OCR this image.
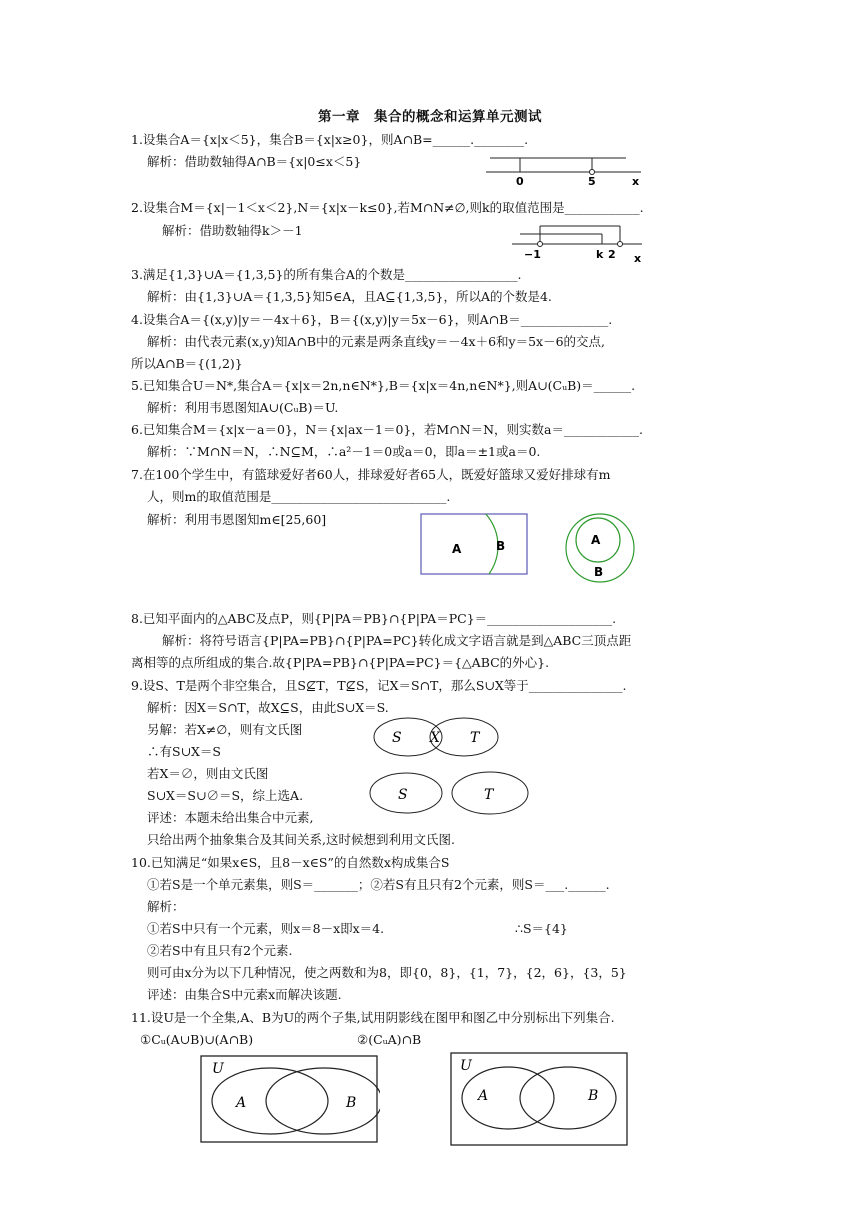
第一章　集合的概念和运算单元测试
1.设集合A＝{x|x＜5}，集合B＝{x|x≥0}，则A∩B=______.________.
解析：借助数轴得A∩B＝{x|0≤x＜5}
0	5	x
2.设集合M＝{x|－1＜x＜2},N＝{x|x－k≤0},若M∩N≠∅,则k的取值范围是____________.
解析：借助数轴得k＞－1
−1	k 2 x
3.满足{1,3}∪A＝{1,3,5}的所有集合A的个数是__________________.
解析：由{1,3}∪A＝{1,3,5}知5∈A，且A⊆{1,3,5}，所以A的个数是4.
4.设集合A＝{(x,y)|y＝－4x＋6}，B＝{(x,y)|y＝5x－6}，则A∩B＝______________.
解析：由代表元素(x,y)知A∩B中的元素是两条直线y＝－4x＋6和y＝5x－6的交点,
所以A∩B＝{(1,2)}
5.已知集合U＝N*,集合A＝{x|x＝2n,n∈N*},B＝{x|x＝4n,n∈N*},则A∪(CᵤB)＝______.
解析：利用韦恩图知A∪(CᵤB)＝U.
6.已知集合M＝{x|x－a＝0}，N＝{x|ax－1＝0}，若M∩N＝N，则实数a＝____________.
解析：∵M∩N＝N，∴N⊆M，∴a²－1＝0或a＝0，即a＝±1或a＝0.
7.在100个学生中，有篮球爱好者60人，排球爱好者65人，既爱好篮球又爱好排球有m
人，则m的取值范围是____________________________.
解析：利用韦恩图知m∈[25,60]
A	B	A
B
8.已知平面内的△ABC及点P，则{P|PA＝PB}∩{P|PA＝PC}＝____________________.
解析：将符号语言{P|PA=PB}∩{P|PA=PC}转化成文字语言就是到△ABC三顶点距
离相等的点所组成的集合.故{P|PA=PB}∩{P|PA=PC}＝{△ABC的外心}.
9.设S、T是两个非空集合，且S⊈T，T⊈S，记X＝S∩T，那么S∪X等于_______________.
解析：因X＝S∩T，故X⊆S，由此S∪X＝S.
另解：若X≠∅，则有文氏图
∴有S∪X＝S
若X＝∅，则由文氏图
S∪X＝S∪∅＝S，综上选A.
评述：本题未给出集合中元素,
只给出两个抽象集合及其间关系,这时候想到利用文氏图.
S X T
S	T
10.已知满足“如果x∈S，且8－x∈S”的自然数x构成集合S
①若S是一个单元素集，则S＝_______；②若S有且只有2个元素，则S＝___.______.
解析：
①若S中只有一个元素，则x＝8－x即x＝4.	∴S＝{4}
②若S中有且只有2个元素.
则可由x分为以下几种情况，使之两数和为8，即{0，8}，{1，7}，{2，6}，{3，5}
评述：由集合S中元素x而解决该题.
11.设U是一个全集,A、B为U的两个子集,试用阴影线在图甲和图乙中分别标出下列集合.
①Cᵤ(A∪B)∪(A∩B)	②(CᵤA)∩B
U
A	B
U
A	B
